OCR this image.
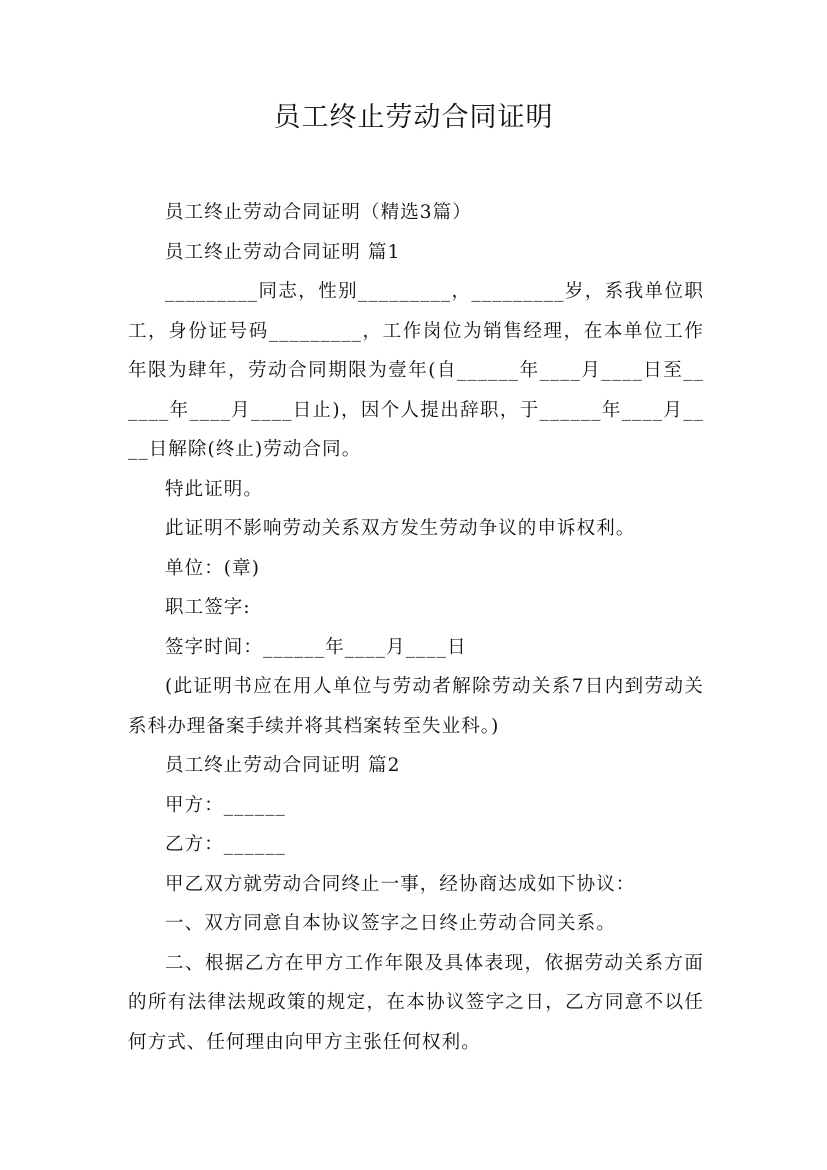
员工终止劳动合同证明

员工终止劳动合同证明（精选3篇）

员工终止劳动合同证明 篇1

_________同志，性别_________，_________岁，系我单位职工，身份证号码_________，工作岗位为销售经理，在本单位工作年限为肆年，劳动合同期限为壹年(自______年____月____日至______年____月____日止)，因个人提出辞职，于______年____月____日解除(终止)劳动合同。

特此证明。

此证明不影响劳动关系双方发生劳动争议的申诉权利。

单位：(章)

职工签字:

签字时间：______年____月____日

(此证明书应在用人单位与劳动者解除劳动关系7日内到劳动关系科办理备案手续并将其档案转至失业科。)

员工终止劳动合同证明 篇2

甲方：______

乙方：______

甲乙双方就劳动合同终止一事，经协商达成如下协议：

一、双方同意自本协议签字之日终止劳动合同关系。

二、根据乙方在甲方工作年限及具体表现，依据劳动关系方面的所有法律法规政策的规定，在本协议签字之日，乙方同意不以任何方式、任何理由向甲方主张任何权利。
